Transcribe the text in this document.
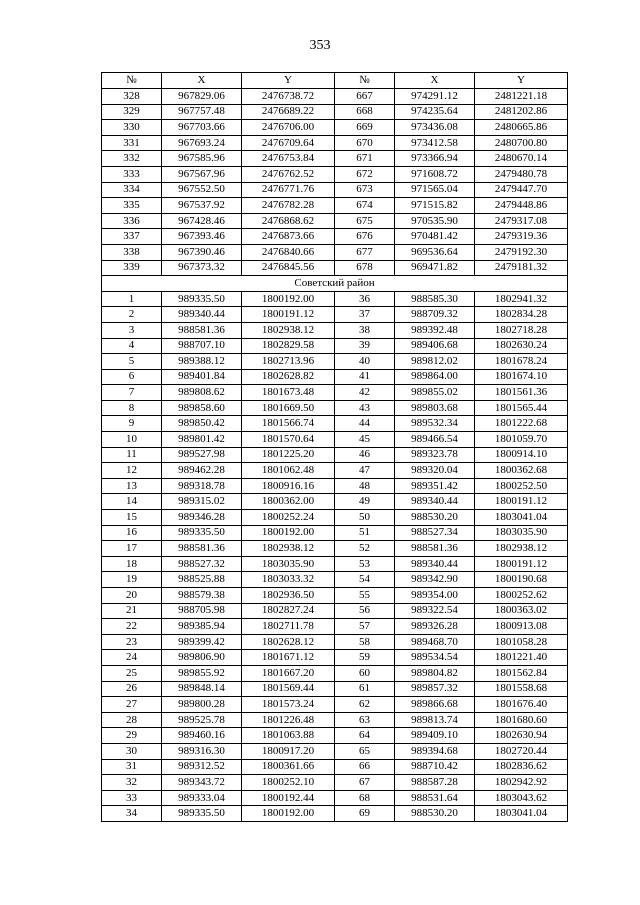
353
№	X	Y	№	X	Y
328	967829.06	2476738.72	667	974291.12	2481221.18
329	967757.48	2476689.22	668	974235.64	2481202.86
330	967703.66	2476706.00	669	973436.08	2480665.86
331	967693.24	2476709.64	670	973412.58	2480700.80
332	967585.96	2476753.84	671	973366.94	2480670.14
333	967567.96	2476762.52	672	971608.72	2479480.78
334	967552.50	2476771.76	673	971565.04	2479447.70
335	967537.92	2476782.28	674	971515.82	2479448.86
336	967428.46	2476868.62	675	970535.90	2479317.08
337	967393.46	2476873.66	676	970481.42	2479319.36
338	967390.46	2476840.66	677	969536.64	2479192.30
339	967373.32	2476845.56	678	969471.82	2479181.32
Советский район					
1	989335.50	1800192.00	36	988585.30	1802941.32
2	989340.44	1800191.12	37	988709.32	1802834.28
3	988581.36	1802938.12	38	989392.48	1802718.28
4	988707.10	1802829.58	39	989406.68	1802630.24
5	989388.12	1802713.96	40	989812.02	1801678.24
6	989401.84	1802628.82	41	989864.00	1801674.10
7	989808.62	1801673.48	42	989855.02	1801561.36
8	989858.60	1801669.50	43	989803.68	1801565.44
9	989850.42	1801566.74	44	989532.34	1801222.68
10	989801.42	1801570.64	45	989466.54	1801059.70
11	989527.98	1801225.20	46	989323.78	1800914.10
12	989462.28	1801062.48	47	989320.04	1800362.68
13	989318.78	1800916.16	48	989351.42	1800252.50
14	989315.02	1800362.00	49	989340.44	1800191.12
15	989346.28	1800252.24	50	988530.20	1803041.04
16	989335.50	1800192.00	51	988527.34	1803035.90
17	988581.36	1802938.12	52	988581.36	1802938.12
18	988527.32	1803035.90	53	989340.44	1800191.12
19	988525.88	1803033.32	54	989342.90	1800190.68
20	988579.38	1802936.50	55	989354.00	1800252.62
21	988705.98	1802827.24	56	989322.54	1800363.02
22	989385.94	1802711.78	57	989326.28	1800913.08
23	989399.42	1802628.12	58	989468.70	1801058.28
24	989806.90	1801671.12	59	989534.54	1801221.40
25	989855.92	1801667.20	60	989804.82	1801562.84
26	989848.14	1801569.44	61	989857.32	1801558.68
27	989800.28	1801573.24	62	989866.68	1801676.40
28	989525.78	1801226.48	63	989813.74	1801680.60
29	989460.16	1801063.88	64	989409.10	1802630.94
30	989316.30	1800917.20	65	989394.68	1802720.44
31	989312.52	1800361.66	66	988710.42	1802836.62
32	989343.72	1800252.10	67	988587.28	1802942.92
33	989333.04	1800192.44	68	988531.64	1803043.62
34	989335.50	1800192.00	69	988530.20	1803041.04
